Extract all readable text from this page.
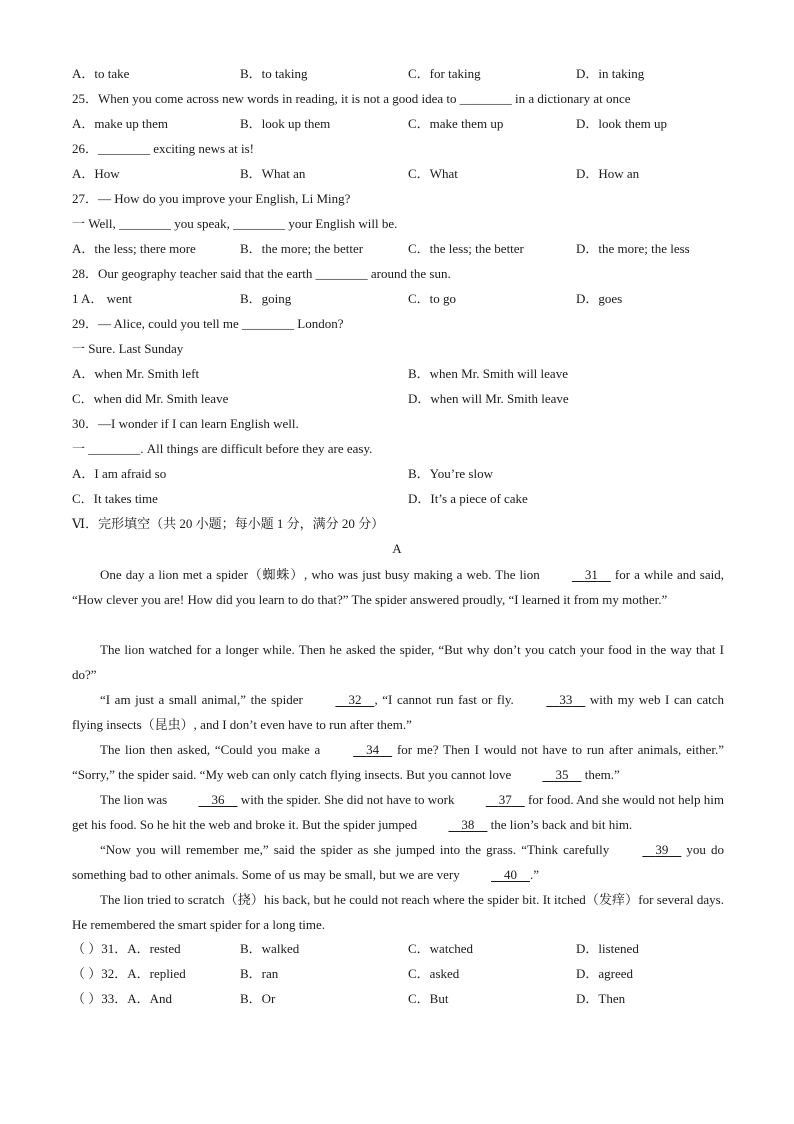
A．to take	B．to taking	C．for taking	D．in taking
25．When you come across new words in reading, it is not a good idea to ________ in a dictionary at once
A．make up them	B．look up them	C．make them up	D．look them up
26．________ exciting news at is!
A．How	B．What an	C．What	D．How an
27．— How do you improve your English, Li Ming?
一 Well, ________ you speak, ________ your English will be.
A．the less; there more	B．the more; the better	C．the less; the better	D．the more; the less
28．Our geography teacher said that the earth ________ around the sun.
1 A． went	B．going	C．to go	D．goes
29．— Alice, could you tell me ________ London?
一 Sure. Last Sunday
A．when Mr. Smith left	B．when Mr. Smith will leave
C．when did Mr. Smith leave	D．when will Mr. Smith leave
30．—I wonder if I can learn English well.
一 ________. All things are difficult before they are easy.
A．I am afraid so	B．You’re slow
C．It takes time	D．It’s a piece of cake
Ⅵ．完形填空（共 20 小题；每小题 1 分，满分 20 分）
A
One day a lion met a spider（蜘蛛）, who was just busy making a web. The lion	31     for a while and said, “How clever you are! How did you learn to do that?” The spider answered proudly, “I learned it from my mother.”
The lion watched for a longer while. Then he asked the spider, “But why don’t you catch your food in the way that I do?”
“I am just a small animal,” the spider	32 , “I cannot run fast or fly.	33     with my web I can catch flying insects（昆虫）, and I don’t even have to run after them.”
The lion then asked, “Could you make a	34     for me? Then I would not have to run after animals, either.” “Sorry,” the spider said. “My web can only catch flying insects. But you cannot love	35     them.”
The lion was	36     with the spider. She did not have to work	37     for food. And she would not help him get his food. So he hit the web and broke it. But the spider jumped	38     the lion’s back and bit him.
“Now you will remember me,” said the spider as she jumped into the grass. “Think carefully	39     you do something bad to other animals. Some of us may be small, but we are very	40 .”
The lion tried to scratch（挠）his back, but he could not reach where the spider bit. It itched（发痒）for several days. He remembered the smart spider for a long time.
（ ）31．A．rested	B．walked	C．watched	D．listened
（ ）32．A．replied	B．ran	C．asked	D．agreed
（ ）33．A．And	B．Or	C．But	D．Then
